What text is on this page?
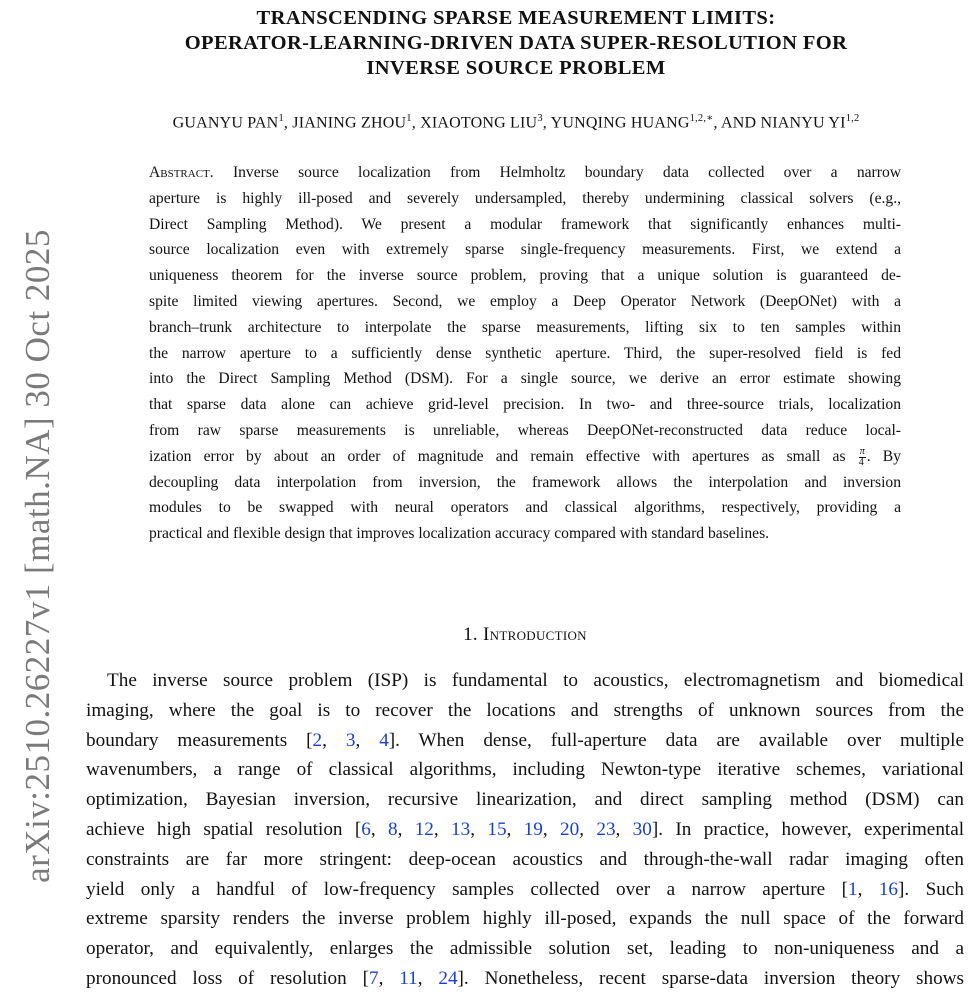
arXiv:2510.26227v1 [math.NA] 30 Oct 2025
TRANSCENDING SPARSE MEASUREMENT LIMITS:
OPERATOR-LEARNING-DRIVEN DATA SUPER-RESOLUTION FOR
INVERSE SOURCE PROBLEM
GUANYU PAN$^1$, JIANING ZHOU$^1$, XIAOTONG LIU$^3$, YUNQING $HUANG^{1,2,∗}$, AND NIANYU YI$^{1,2}$
Abstract. Inverse source localization from Helmholtz boundary data collected over a narrow
aperture is highly ill-posed and severely undersampled, thereby undermining classical solvers (e.g.,
Direct Sampling Method). We present a modular framework that significantly enhances multi-
source localization even with extremely sparse single-frequency measurements. First, we extend a
uniqueness theorem for the inverse source problem, proving that a unique solution is guaranteed de-
spite limited viewing apertures. Second, we employ a Deep Operator Network (DeepONet) with a
branch–trunk architecture to interpolate the sparse measurements, lifting six to ten samples within
the narrow aperture to a sufficiently dense synthetic aperture. Third, the super-resolved field is fed
into the Direct Sampling Method (DSM). For a single source, we derive an error estimate showing
that sparse data alone can achieve grid-level precision. In two- and three-source trials, localization
from raw sparse measurements is unreliable, whereas DeepONet-reconstructed data reduce local-
ization error by about an order of magnitude and remain effective with apertures as small as $\frac{\pi}{4}$ . By
decoupling data interpolation from inversion, the framework allows the interpolation and inversion
modules to be swapped with neural operators and classical algorithms, respectively, providing a
practical and flexible design that improves localization accuracy compared with standard baselines.
1. Introduction
The inverse source problem (ISP) is fundamental to acoustics, electromagnetism and biomedical
imaging, where the goal is to recover the locations and strengths of unknown sources from the
boundary measurements [2, 3, 4]. When dense, full-aperture data are available over multiple
wavenumbers, a range of classical algorithms, including Newton-type iterative schemes, variational
optimization, Bayesian inversion, recursive linearization, and direct sampling method (DSM) can
achieve high spatial resolution [6, 8, 12, 13, 15, 19, 20, 23, 30]. In practice, however, experimental
constraints are far more stringent: deep-ocean acoustics and through-the-wall radar imaging often
yield only a handful of low-frequency samples collected over a narrow aperture [1, 16]. Such
extreme sparsity renders the inverse problem highly ill-posed, expands the null space of the forward
operator, and equivalently, enlarges the admissible solution set, leading to non-uniqueness and a
pronounced loss of resolution [7, 11, 24]. Nonetheless, recent sparse-data inversion theory shows
